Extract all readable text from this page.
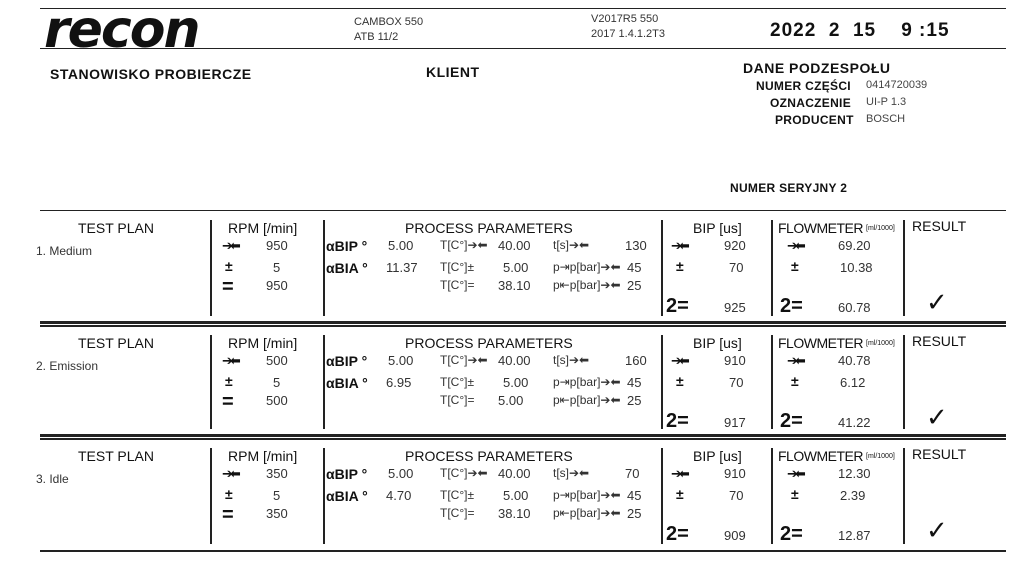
recon	CAMBOX 550
ATB 11/2
V2017R5 550
2017 1.4.1.2T3	2022  2  15    9 :15
STANOWISKO PROBIERCZE	KLIENT	DANE PODZESPOŁU
NUMER CZĘŚCI 0414720039
OZNACZENIE UI-P 1.3
PRODUCENT BOSCH
NUMER SERYJNY 2
TEST PLAN	RPM [/min]	PROCESS PARAMETERS	BIP [us]	FLOWMETER [ml/1000] RESULT
1. Medium	➔⬅ 950
±	5
= 950
αBIP ° 5.00
αBIA ° 11.37
T[C°]➔⬅ 40.00
T[C°]± 5.00
T[C°]= 38.10
t[s]➔⬅	130
p⇥p[bar]➔⬅ 45
p⇤p[bar]➔⬅ 25
➔⬅	920
±	70
2=	925
➔⬅	69.20
±	10.38
2=	60.78 ✓
TEST PLAN	RPM [/min]	PROCESS PARAMETERS	BIP [us]	FLOWMETER [ml/1000] RESULT
2. Emission	➔⬅ 500
±	5
= 500
αBIP ° 5.00
αBIA ° 6.95
T[C°]➔⬅ 40.00
T[C°]± 5.00
T[C°]= 5.00
t[s]➔⬅	160
p⇥p[bar]➔⬅ 45
p⇤p[bar]➔⬅ 25
➔⬅	910
±	70
2=	917
➔⬅	40.78
±	6.12
2=	41.22 ✓
TEST PLAN	RPM [/min]	PROCESS PARAMETERS	BIP [us]	FLOWMETER [ml/1000] RESULT
3. Idle	➔⬅ 350
±	5
= 350
αBIP ° 5.00
αBIA ° 4.70
T[C°]➔⬅ 40.00
T[C°]± 5.00
T[C°]= 38.10
t[s]➔⬅	70
p⇥p[bar]➔⬅ 45
p⇤p[bar]➔⬅ 25
➔⬅	910
±	70
2=	909
➔⬅	12.30
±	2.39
2=	12.87 ✓
